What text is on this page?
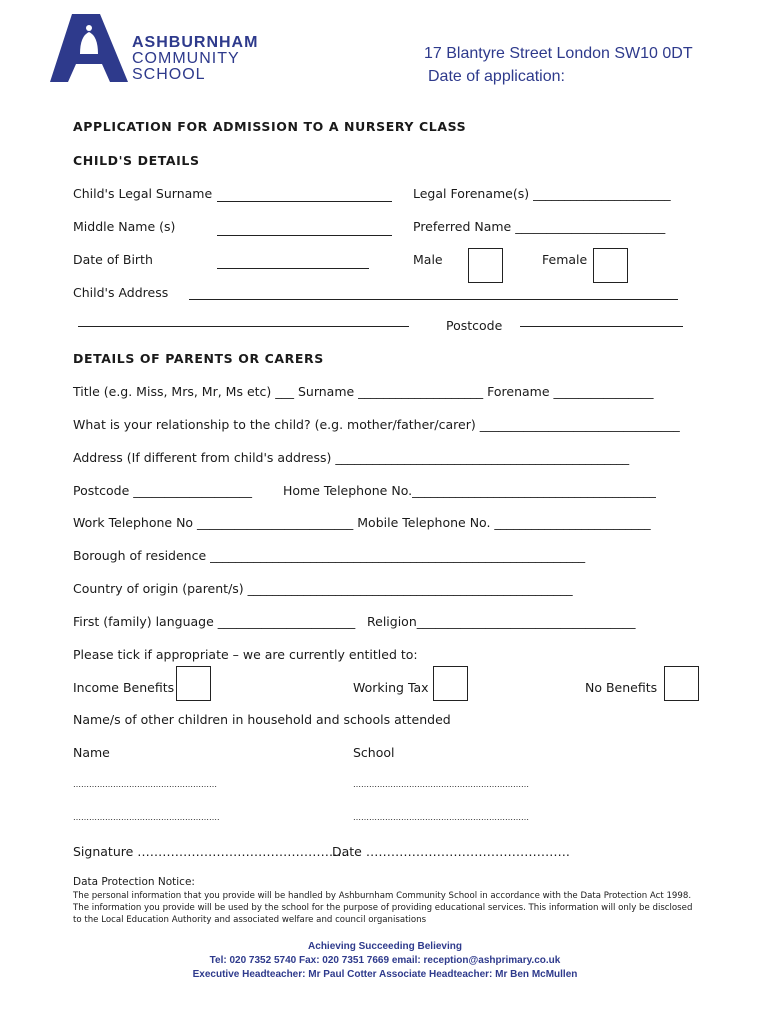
ASHBURNHAM
COMMUNITY
SCHOOL
17 Blantyre Street London SW10 0DT
Date of application:
APPLICATION FOR ADMISSION TO A NURSERY CLASS
CHILD'S DETAILS
Child's Legal Surname	Legal Forename(s) ______________________
Middle Name (s)	Preferred Name ________________________
Date of Birth	Male	Female
Child's Address
Postcode
DETAILS OF PARENTS OR CARERS
Title (e.g. Miss, Mrs, Mr, Ms etc) ___ Surname ____________________ Forename ________________
What is your relationship to the child? (e.g. mother/father/carer) ________________________________
Address (If different from child's address) _______________________________________________
Postcode ___________________ Home Telephone No._______________________________________
Work Telephone No _________________________ Mobile Telephone No. _________________________
Borough of residence ____________________________________________________________
Country of origin (parent/s) ____________________________________________________
First (family) language ______________________ Religion___________________________________
Please tick if appropriate – we are currently entitled to:
Income Benefits	Working Tax	No Benefits
Name/s of other children in household and schools attended
Name	School
………………………………………………	…………………………………………………………
……………………………………………….	…………………………………………………………
Signature ……………………………………………
Date ………………………………………….
Data Protection Notice:
The personal information that you provide will be handled by Ashburnham Community School in accordance with the Data Protection Act 1998. The information you provide will be used by the school for the purpose of providing educational services. This information will only be disclosed to the Local Education Authority and associated welfare and council organisations
Achieving Succeeding Believing
Tel: 020 7352 5740 Fax: 020 7351 7669 email: reception@ashprimary.co.uk
Executive Headteacher: Mr Paul Cotter Associate Headteacher: Mr Ben McMullen
